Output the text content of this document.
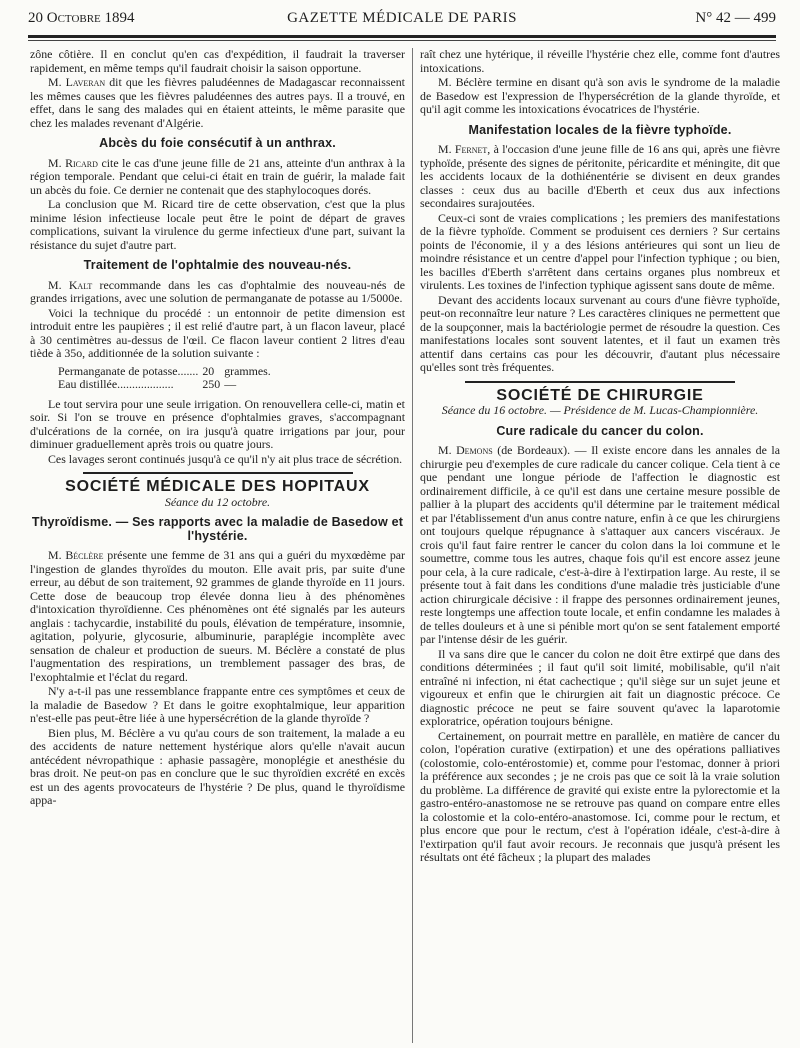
20 Octobre 1894	GAZETTE MÉDICALE DE PARIS	N° 42 — 499

zône côtière. Il en conclut qu'en cas d'expédition, il faudrait la traverser rapidement, en même temps qu'il faudrait choisir la saison opportune.

M. Laveran dit que les fièvres paludéennes de Madagascar reconnaissent les mêmes causes que les fièvres paludéennes des autres pays. Il a trouvé, en effet, dans le sang des malades qui en étaient atteints, le même parasite que chez les malades revenant d'Algérie.

Abcès du foie consécutif à un anthrax.

M. Ricard cite le cas d'une jeune fille de 21 ans, atteinte d'un anthrax à la région temporale. Pendant que celui-ci était en train de guérir, la malade fait un abcès du foie. Ce dernier ne contenait que des staphylocoques dorés.

La conclusion que M. Ricard tire de cette observation, c'est que la plus minime lésion infectieuse locale peut être le point de départ de graves complications, suivant la virulence du germe infectieux d'une part, suivant la résistance du sujet d'autre part.

Traitement de l'ophtalmie des nouveau-nés.

M. Kalt recommande dans les cas d'ophtalmie des nouveau-nés de grandes irrigations, avec une solution de permanganate de potasse au 1/5000e.

Voici la technique du procédé : un entonnoir de petite dimension est introduit entre les paupières ; il est relié d'autre part, à un flacon laveur, placé à 30 centimètres au-dessus de l'œil. Ce flacon laveur contient 2 litres d'eau tiède à 35o, additionnée de la solution suivante :

Permanganate de potasse.......	20	grammes.
Eau distillée...................	250	—

Le tout servira pour une seule irrigation. On renouvellera celle-ci, matin et soir. Si l'on se trouve en présence d'ophtalmies graves, s'accompagnant d'ulcérations de la cornée, on ira jusqu'à quatre irrigations par jour, pour diminuer graduellement après trois ou quatre jours.

Ces lavages seront continués jusqu'à ce qu'il n'y ait plus trace de sécrétion.

SOCIÉTÉ MÉDICALE DES HOPITAUX

Séance du 12 octobre.

Thyroïdisme. — Ses rapports avec la maladie de Basedow et l'hystérie.

M. Béclère présente une femme de 31 ans qui a guéri du myxœdème par l'ingestion de glandes thyroïdes du mouton. Elle avait pris, par suite d'une erreur, au début de son traitement, 92 grammes de glande thyroïde en 11 jours. Cette dose de beaucoup trop élevée donna lieu à des phénomènes d'intoxication thyroïdienne. Ces phénomènes ont été signalés par les auteurs anglais : tachycardie, instabilité du pouls, élévation de température, insomnie, agitation, polyurie, glycosurie, albuminurie, paraplégie incomplète avec sensation de chaleur et production de sueurs. M. Béclère a constaté de plus l'augmentation des respirations, un tremblement passager des bras, de l'exophtalmie et l'éclat du regard.

N'y a-t-il pas une ressemblance frappante entre ces symptômes et ceux de la maladie de Basedow ? Et dans le goitre exophtalmique, leur apparition n'est-elle pas peut-être liée à une hypersécrétion de la glande thyroïde ?

Bien plus, M. Béclère a vu qu'au cours de son traitement, la malade a eu des accidents de nature nettement hystérique alors qu'elle n'avait aucun antécédent névropathique : aphasie passagère, monoplégie et anesthésie du bras droit. Ne peut-on pas en conclure que le suc thyroïdien excrété en excès est un des agents provocateurs de l'hystérie ? De plus, quand le thyroïdisme appa-

raît chez une hytérique, il réveille l'hystérie chez elle, comme font d'autres intoxications.

M. Béclère termine en disant qu'à son avis le syndrome de la maladie de Basedow est l'expression de l'hypersécrétion de la glande thyroïde, et qu'il agit comme les intoxications évocatrices de l'hystérie.

Manifestation locales de la fièvre typhoïde.

M. Fernet, à l'occasion d'une jeune fille de 16 ans qui, après une fièvre typhoïde, présente des signes de péritonite, péricardite et méningite, dit que les accidents locaux de la dothiénentérie se divisent en deux grandes classes : ceux dus au bacille d'Eberth et ceux dus aux infections secondaires surajoutées.

Ceux-ci sont de vraies complications ; les premiers des manifestations de la fièvre typhoïde. Comment se produisent ces derniers ? Sur certains points de l'économie, il y a des lésions antérieures qui sont un lieu de moindre résistance et un centre d'appel pour l'infection typhique ; ou bien, les bacilles d'Eberth s'arrêtent dans certains organes plus nombreux et virulents. Les toxines de l'infection typhique agissent sans doute de même.

Devant des accidents locaux survenant au cours d'une fièvre typhoïde, peut-on reconnaître leur nature ? Les caractères cliniques ne permettent que de la soupçonner, mais la bactériologie permet de résoudre la question. Ces manifestations locales sont souvent latentes, et il faut un examen très attentif dans certains cas pour les découvrir, d'autant plus nécessaire qu'elles sont très fréquentes.

SOCIÉTÉ DE CHIRURGIE

Séance du 16 octobre. — Présidence de M. Lucas-Championnière.

Cure radicale du cancer du colon.

M. Demons (de Bordeaux). — Il existe encore dans les annales de la chirurgie peu d'exemples de cure radicale du cancer colique. Cela tient à ce que pendant une longue période de l'affection le diagnostic est ordinairement difficile, à ce qu'il est dans une certaine mesure possible de pallier à la plupart des accidents qu'il détermine par le traitement médical et par l'établissement d'un anus contre nature, enfin à ce que les chirurgiens ont toujours quelque répugnance à s'attaquer aux cancers viscéraux. Je crois qu'il faut faire rentrer le cancer du colon dans la loi commune et le soumettre, comme tous les autres, chaque fois qu'il est encore assez jeune pour cela, à la cure radicale, c'est-à-dire à l'extirpation large. Au reste, il se présente tout à fait dans les conditions d'une maladie très justiciable d'une action chirurgicale décisive : il frappe des personnes ordinairement jeunes, reste longtemps une affection toute locale, et enfin condamne les malades à de telles douleurs et à une si pénible mort qu'on se sent fatalement emporté par l'intense désir de les guérir.

Il va sans dire que le cancer du colon ne doit être extirpé que dans des conditions déterminées ; il faut qu'il soit limité, mobilisable, qu'il n'ait entraîné ni infection, ni état cachectique ; qu'il siège sur un sujet jeune et vigoureux et enfin que le chirurgien ait fait un diagnostic précoce. Ce diagnostic précoce ne peut se faire souvent qu'avec la laparotomie exploratrice, opération toujours bénigne.

Certainement, on pourrait mettre en parallèle, en matière de cancer du colon, l'opération curative (extirpation) et une des opérations palliatives (colostomie, colo-entérostomie) et, comme pour l'estomac, donner à priori la préférence aux secondes ; je ne crois pas que ce soit là la vraie solution du problème. La différence de gravité qui existe entre la pylorectomie et la gastro-entéro-anastomose ne se retrouve pas quand on compare entre elles la colostomie et la colo-entéro-anastomose. Ici, comme pour le rectum, et plus encore que pour le rectum, c'est à l'opération idéale, c'est-à-dire à l'extirpation qu'il faut avoir recours. Je reconnais que jusqu'à présent les résultats ont été fâcheux ; la plupart des malades
